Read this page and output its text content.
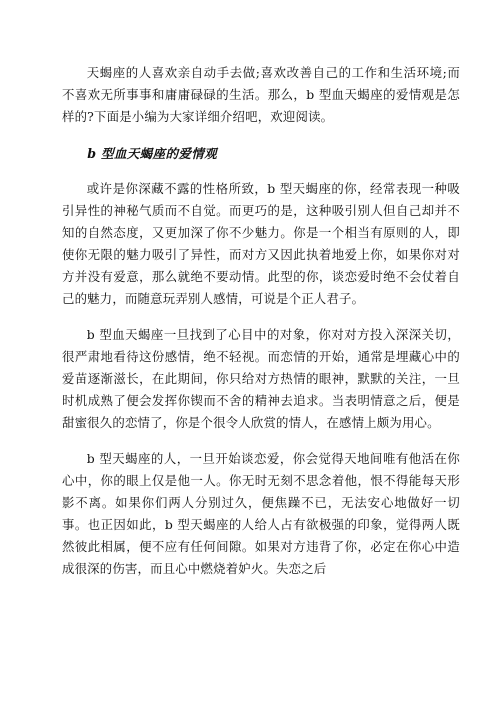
天蝎座的人喜欢亲自动手去做;喜欢改善自己的工作和生活环境;而不喜欢无所事事和庸庸碌碌的生活。那么，b 型血天蝎座的爱情观是怎样的?下面是小编为大家详细介绍吧，欢迎阅读。

b 型血天蝎座的爱情观

或许是你深藏不露的性格所致，b 型天蝎座的你，经常表现一种吸引异性的神秘气质而不自觉。而更巧的是，这种吸引别人但自己却并不知的自然态度，又更加深了你不少魅力。你是一个相当有原则的人，即使你无限的魅力吸引了异性，而对方又因此执着地爱上你，如果你对对方并没有爱意，那么就绝不要动情。此型的你，谈恋爱时绝不会仗着自己的魅力，而随意玩弄别人感情，可说是个正人君子。

b 型血天蝎座一旦找到了心目中的对象，你对对方投入深深关切，很严肃地看待这份感情，绝不轻视。而恋情的开始，通常是埋藏心中的爱苗逐渐滋长，在此期间，你只给对方热情的眼神，默默的关注，一旦时机成熟了便会发挥你锲而不舍的精神去追求。当表明情意之后，便是甜蜜很久的恋情了，你是个很令人欣赏的情人，在感情上颇为用心。

b 型天蝎座的人，一旦开始谈恋爱，你会觉得天地间唯有他活在你心中，你的眼上仅是他一人。你无时无刻不思念着他，恨不得能每天形影不离。如果你们两人分别过久，便焦躁不已，无法安心地做好一切事。也正因如此，b 型天蝎座的人给人占有欲极强的印象，觉得两人既然彼此相属，便不应有任何间隙。如果对方违背了你，必定在你心中造成很深的伤害，而且心中燃烧着妒火。失恋之后
